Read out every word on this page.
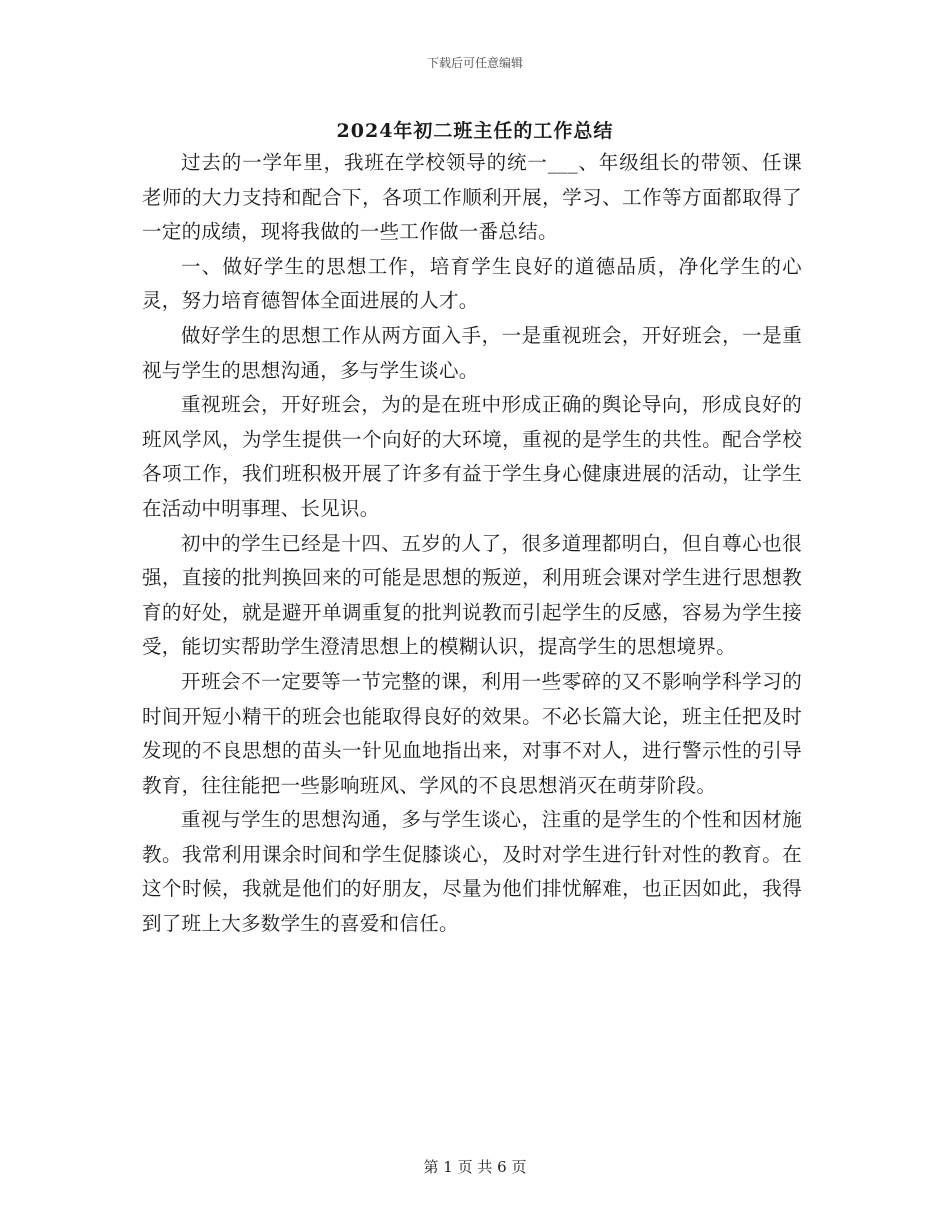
下载后可任意编辑
2024年初二班主任的工作总结

过去的一学年里，我班在学校领导的统一___、年级组长的带领、任课老师的大力支持和配合下，各项工作顺利开展，学习、工作等方面都取得了一定的成绩，现将我做的一些工作做一番总结。

一、做好学生的思想工作，培育学生良好的道德品质，净化学生的心灵，努力培育德智体全面进展的人才。

做好学生的思想工作从两方面入手，一是重视班会，开好班会，一是重视与学生的思想沟通，多与学生谈心。

重视班会，开好班会，为的是在班中形成正确的舆论导向，形成良好的班风学风，为学生提供一个向好的大环境，重视的是学生的共性。配合学校各项工作，我们班积极开展了许多有益于学生身心健康进展的活动，让学生在活动中明事理、长见识。

初中的学生已经是十四、五岁的人了，很多道理都明白，但自尊心也很强，直接的批判换回来的可能是思想的叛逆，利用班会课对学生进行思想教育的好处，就是避开单调重复的批判说教而引起学生的反感，容易为学生接受，能切实帮助学生澄清思想上的模糊认识，提高学生的思想境界。

开班会不一定要等一节完整的课，利用一些零碎的又不影响学科学习的时间开短小精干的班会也能取得良好的效果。不必长篇大论，班主任把及时发现的不良思想的苗头一针见血地指出来，对事不对人，进行警示性的引导教育，往往能把一些影响班风、学风的不良思想消灭在萌芽阶段。

重视与学生的思想沟通，多与学生谈心，注重的是学生的个性和因材施教。我常利用课余时间和学生促膝谈心，及时对学生进行针对性的教育。在这个时候，我就是他们的好朋友，尽量为他们排忧解难，也正因如此，我得到了班上大多数学生的喜爱和信任。

第 1 页 共 6 页
